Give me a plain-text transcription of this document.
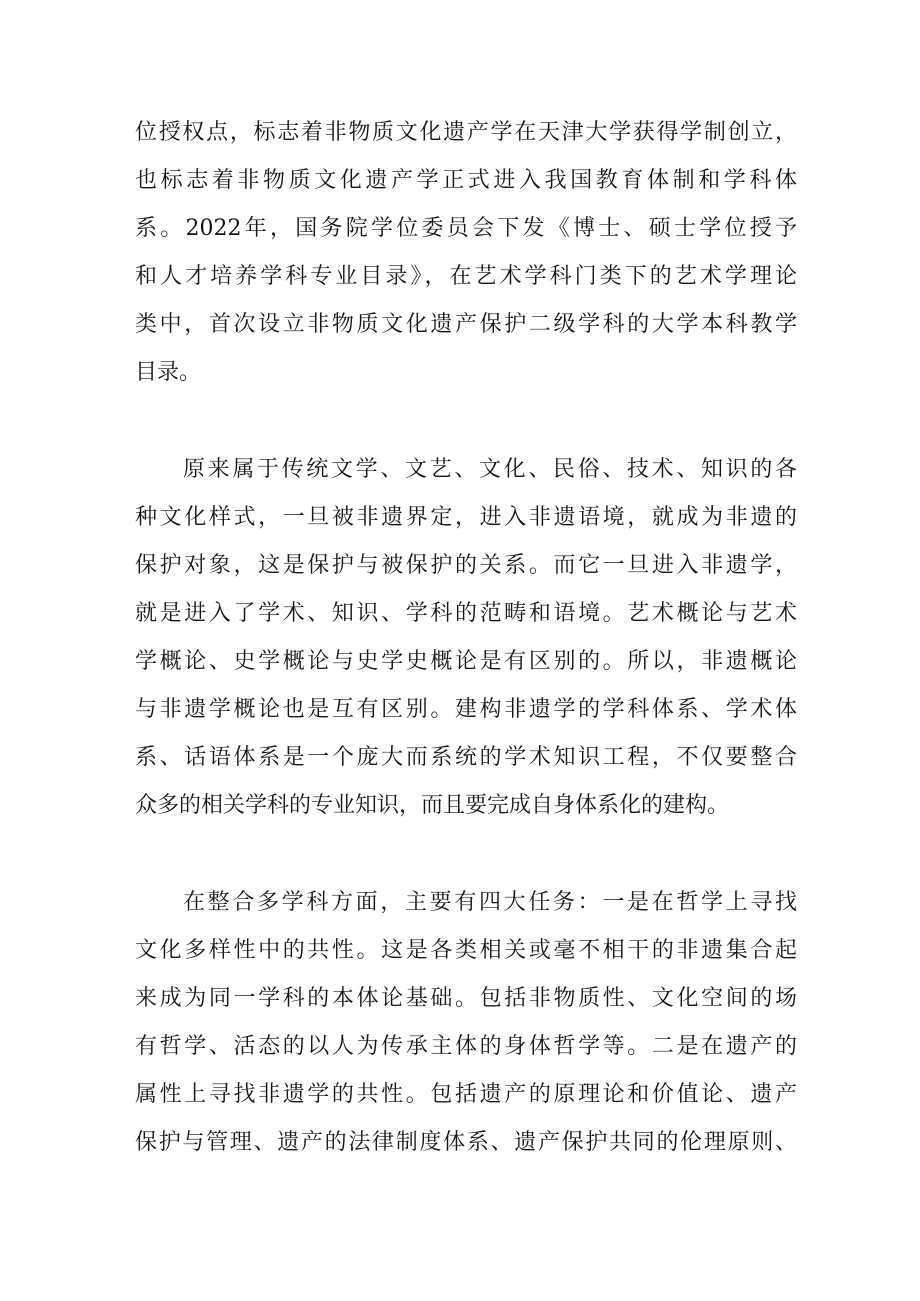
位授权点，标志着非物质文化遗产学在天津大学获得学制创立，
也标志着非物质文化遗产学正式进入我国教育体制和学科体
系。2022年，国务院学位委员会下发《博士、硕士学位授予
和人才培养学科专业目录》，在艺术学科门类下的艺术学理论
类中，首次设立非物质文化遗产保护二级学科的大学本科教学
目录。
原来属于传统文学、文艺、文化、民俗、技术、知识的各
种文化样式，一旦被非遗界定，进入非遗语境，就成为非遗的
保护对象，这是保护与被保护的关系。而它一旦进入非遗学，
就是进入了学术、知识、学科的范畴和语境。艺术概论与艺术
学概论、史学概论与史学史概论是有区别的。所以，非遗概论
与非遗学概论也是互有区别。建构非遗学的学科体系、学术体
系、话语体系是一个庞大而系统的学术知识工程，不仅要整合
众多的相关学科的专业知识，而且要完成自身体系化的建构。
在整合多学科方面，主要有四大任务：一是在哲学上寻找
文化多样性中的共性。这是各类相关或毫不相干的非遗集合起
来成为同一学科的本体论基础。包括非物质性、文化空间的场
有哲学、活态的以人为传承主体的身体哲学等。二是在遗产的
属性上寻找非遗学的共性。包括遗产的原理论和价值论、遗产
保护与管理、遗产的法律制度体系、遗产保护共同的伦理原则、
